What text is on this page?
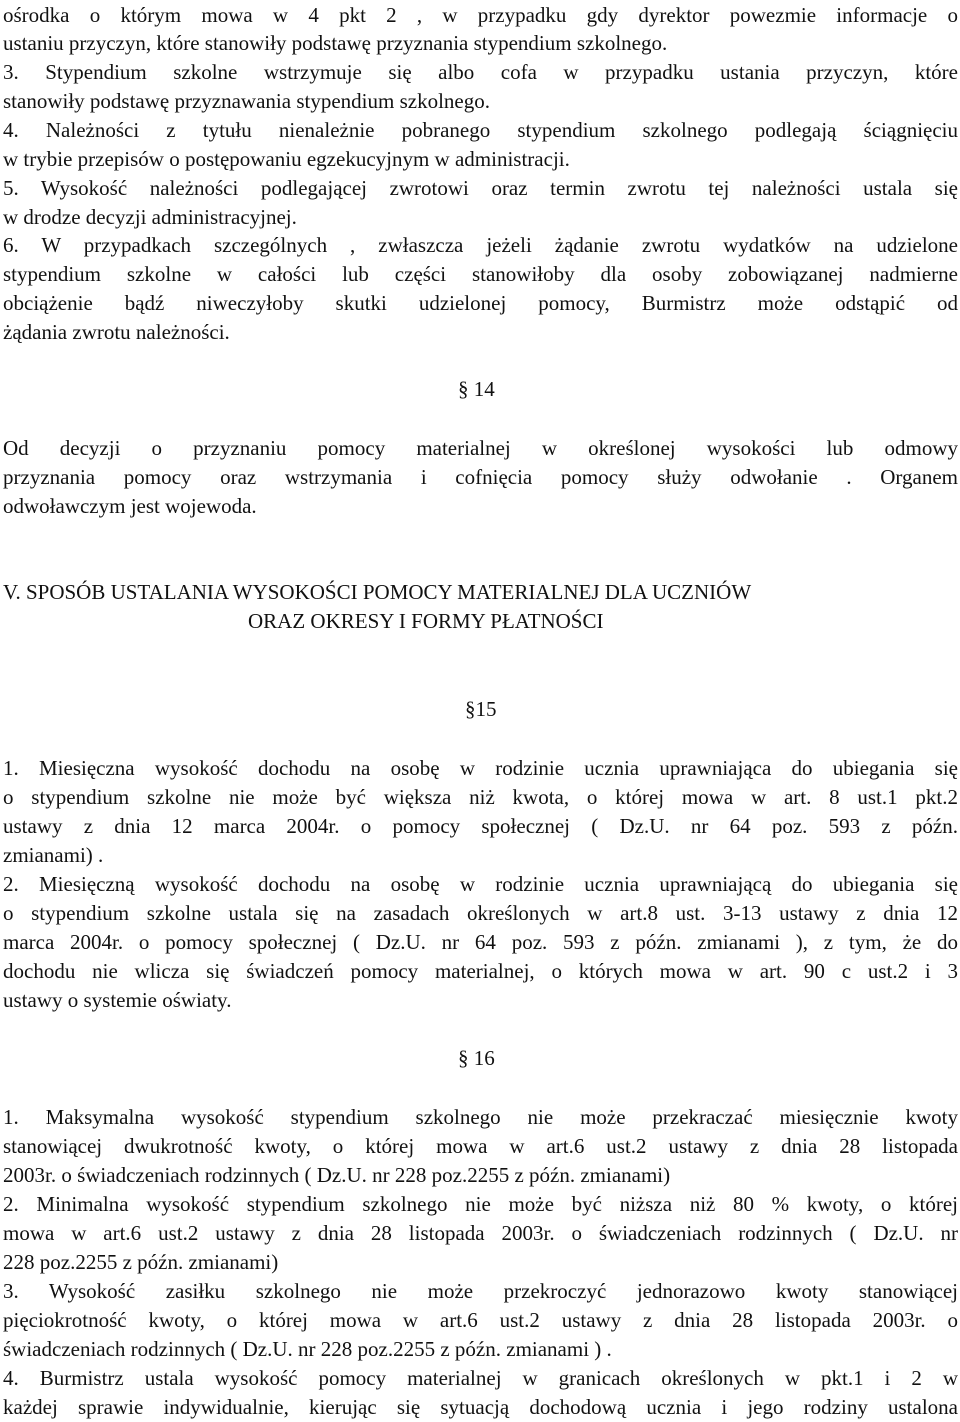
ośrodka o którym mowa w 4 pkt 2 , w przypadku gdy dyrektor powezmie informacje o
ustaniu przyczyn, które stanowiły podstawę przyznania stypendium szkolnego.
3. Stypendium szkolne wstrzymuje się albo cofa w przypadku ustania przyczyn, które
stanowiły podstawę przyznawania stypendium szkolnego.
4. Należności z tytułu nienależnie pobranego stypendium szkolnego podlegają ściągnięciu
w trybie przepisów o postępowaniu egzekucyjnym w administracji.
5. Wysokość należności podlegającej zwrotowi oraz termin zwrotu tej należności ustala się
w drodze decyzji administracyjnej.
6. W przypadkach szczególnych , zwłaszcza jeżeli żądanie zwrotu wydatków na udzielone
stypendium szkolne w całości lub części stanowiłoby dla osoby zobowiązanej nadmierne
obciążenie bądź niweczyłoby skutki udzielonej pomocy, Burmistrz może odstąpić od
żądania zwrotu należności.
§ 14
Od decyzji o przyznaniu pomocy materialnej w określonej wysokości lub odmowy
przyznania pomocy oraz wstrzymania i cofnięcia pomocy służy odwołanie . Organem
odwoławczym jest wojewoda.
V. SPOSÓB USTALANIA WYSOKOŚCI POMOCY MATERIALNEJ DLA UCZNIÓW
ORAZ OKRESY I FORMY PŁATNOŚCI
§15
1. Miesięczna wysokość dochodu na osobę w rodzinie ucznia uprawniająca do ubiegania się
o stypendium szkolne nie może być większa niż kwota, o której mowa w art. 8 ust.1 pkt.2
ustawy z dnia 12 marca 2004r. o pomocy społecznej ( Dz.U. nr 64 poz. 593 z późn.
zmianami) .
2. Miesięczną wysokość dochodu na osobę w rodzinie ucznia uprawniającą do ubiegania się
o stypendium szkolne ustala się na zasadach określonych w art.8 ust. 3-13 ustawy z dnia 12
marca 2004r. o pomocy społecznej ( Dz.U. nr 64 poz. 593 z późn. zmianami ), z tym, że do
dochodu nie wlicza się świadczeń pomocy materialnej, o których mowa w art. 90 c ust.2 i 3
ustawy o systemie oświaty.
§ 16
1. Maksymalna wysokość stypendium szkolnego nie może przekraczać miesięcznie kwoty
stanowiącej dwukrotność kwoty, o której mowa w art.6 ust.2 ustawy z dnia 28 listopada
2003r. o świadczeniach rodzinnych ( Dz.U. nr 228 poz.2255 z późn. zmianami)
2. Minimalna wysokość stypendium szkolnego nie może być niższa niż 80 % kwoty, o której
mowa w art.6 ust.2 ustawy z dnia 28 listopada 2003r. o świadczeniach rodzinnych ( Dz.U. nr
228 poz.2255 z późn. zmianami)
3. Wysokość zasiłku szkolnego nie może przekroczyć jednorazowo kwoty stanowiącej
pięciokrotność kwoty, o której mowa w art.6 ust.2 ustawy z dnia 28 listopada 2003r. o
świadczeniach rodzinnych ( Dz.U. nr 228 poz.2255 z późn. zmianami ) .
4. Burmistrz ustala wysokość pomocy materialnej w granicach określonych w pkt.1 i 2 w
każdej sprawie indywidualnie, kierując się sytuacją dochodową ucznia i jego rodziny ustalona
